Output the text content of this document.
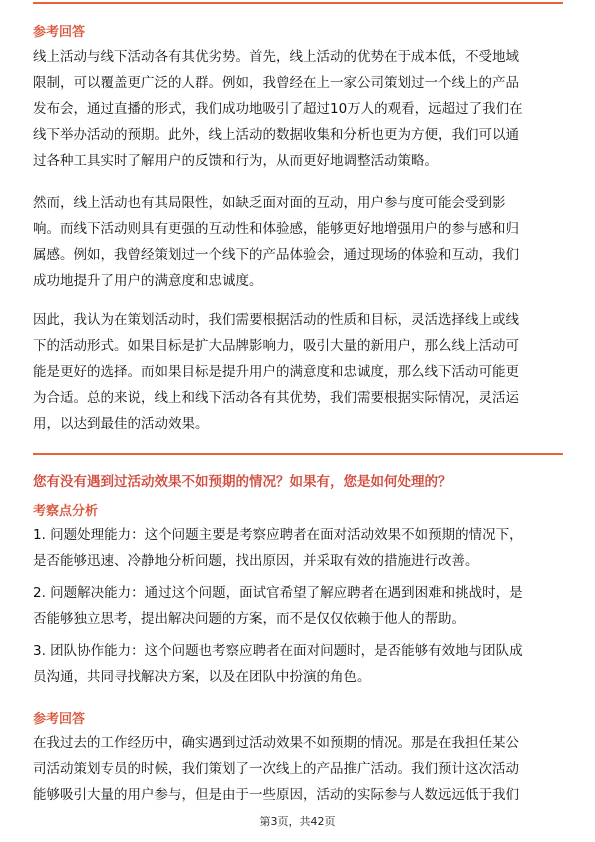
参考回答

线上活动与线下活动各有其优劣势。首先，线上活动的优势在于成本低，不受地域
限制，可以覆盖更广泛的人群。例如，我曾经在上一家公司策划过一个线上的产品
发布会，通过直播的形式，我们成功地吸引了超过10万人的观看，远超过了我们在
线下举办活动的预期。此外，线上活动的数据收集和分析也更为方便，我们可以通
过各种工具实时了解用户的反馈和行为，从而更好地调整活动策略。

然而，线上活动也有其局限性，如缺乏面对面的互动，用户参与度可能会受到影
响。而线下活动则具有更强的互动性和体验感，能够更好地增强用户的参与感和归
属感。例如，我曾经策划过一个线下的产品体验会，通过现场的体验和互动，我们
成功地提升了用户的满意度和忠诚度。

因此，我认为在策划活动时，我们需要根据活动的性质和目标，灵活选择线上或线
下的活动形式。如果目标是扩大品牌影响力，吸引大量的新用户，那么线上活动可
能是更好的选择。而如果目标是提升用户的满意度和忠诚度，那么线下活动可能更
为合适。总的来说，线上和线下活动各有其优势，我们需要根据实际情况，灵活运
用，以达到最佳的活动效果。

您有没有遇到过活动效果不如预期的情况？如果有，您是如何处理的？
考察点分析

1. 问题处理能力：这个问题主要是考察应聘者在面对活动效果不如预期的情况下，
是否能够迅速、冷静地分析问题，找出原因，并采取有效的措施进行改善。

2. 问题解决能力：通过这个问题，面试官希望了解应聘者在遇到困难和挑战时，是
否能够独立思考，提出解决问题的方案，而不是仅仅依赖于他人的帮助。

3. 团队协作能力：这个问题也考察应聘者在面对问题时，是否能够有效地与团队成
员沟通，共同寻找解决方案，以及在团队中扮演的角色。

参考回答

在我过去的工作经历中，确实遇到过活动效果不如预期的情况。那是在我担任某公
司活动策划专员的时候，我们策划了一次线上的产品推广活动。我们预计这次活动
能够吸引大量的用户参与，但是由于一些原因，活动的实际参与人数远远低于我们

第3页，共42页
